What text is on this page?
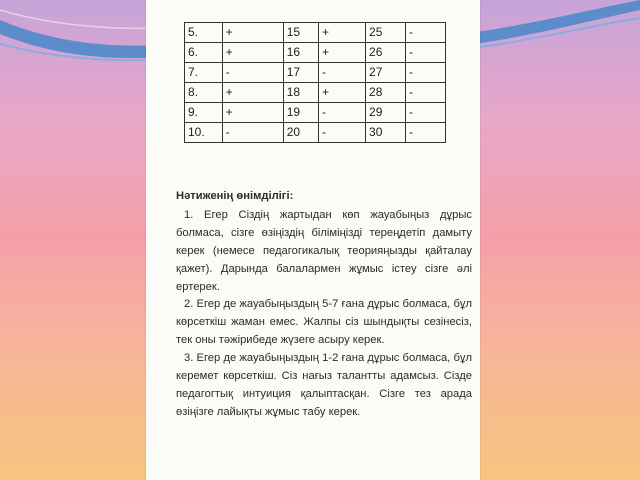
5.	+	15	+	25	-
6.	+	16	+	26	-
7.	-	17	-	27	-
8.	+	18	+	28	-
9.	+	19	-	29	-
10.	-	20	-	30	-
Нәтиженің өнімділігі:

1. Егер Сіздің жартыдан көп жауабыңыз дұрыс болмаса, сізге өзіңіздің біліміңізді тереңдетіп дамыту керек (немесе педагогикалық теорияңызды қайталау қажет). Дарында балалармен жұмыс істеу сізге әлі ертерек.

2. Егер де жауабыңыздың 5-7 ғана дұрыс болмаса, бұл көрсеткіш жаман емес. Жалпы сіз шындықты сезінесіз, тек оны тәжірибеде жүзеге асыру керек.

3. Егер де жауабыңыздың 1-2 ғана дұрыс болмаса, бұл керемет көрсеткіш. Сіз нағыз талантты адамсыз. Сізде педагогтық интуиция қалыптасқан. Сізге тез арада өзіңізге лайықты жұмыс табу керек.
